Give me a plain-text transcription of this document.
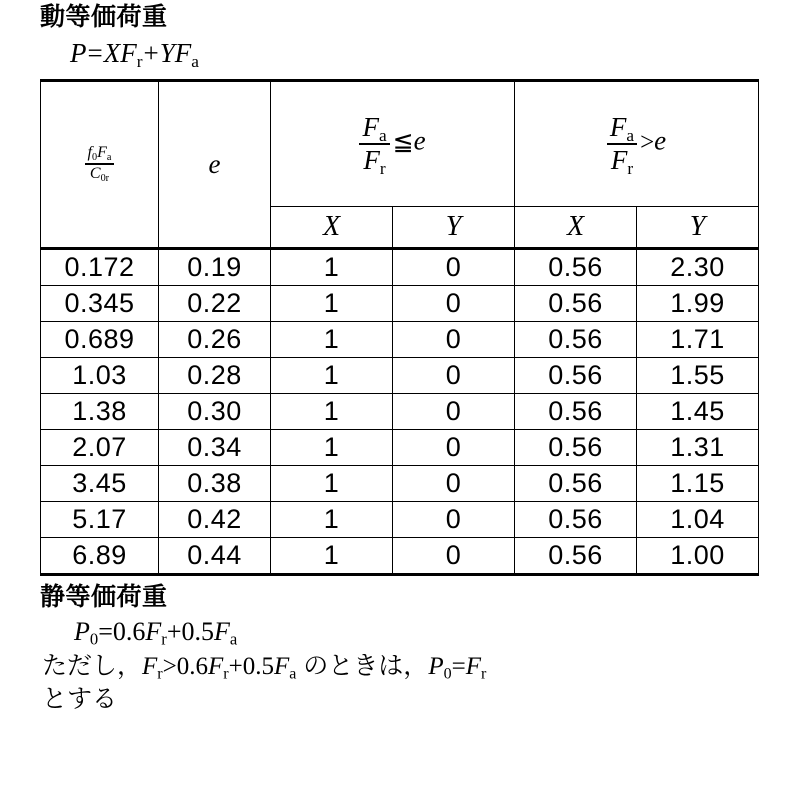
動等価荷重
$P=XF_r+YF_a$
$\frac{f_0F_a}{C_{0r}}$	e	$\frac{F_a}{F_r}$ ≦e		$\frac{F_a}{F_r} >e$	
		X	Y	X	Y
0.172	0.19	1	0	0.56	2.30
0.345	0.22	1	0	0.56	1.99
0.689	0.26	1	0	0.56	1.71
1.03	0.28	1	0	0.56	1.55
1.38	0.30	1	0	0.56	1.45
2.07	0.34	1	0	0.56	1.31
3.45	0.38	1	0	0.56	1.15
5.17	0.42	1	0	0.56	1.04
6.89	0.44	1	0	0.56	1.00
静等価荷重
$P_0=0.6F_r+0.5F_a$
ただし，$F_r>0.6F_r+0.5F_a$ のときは，$P_0=F_r$
とする
